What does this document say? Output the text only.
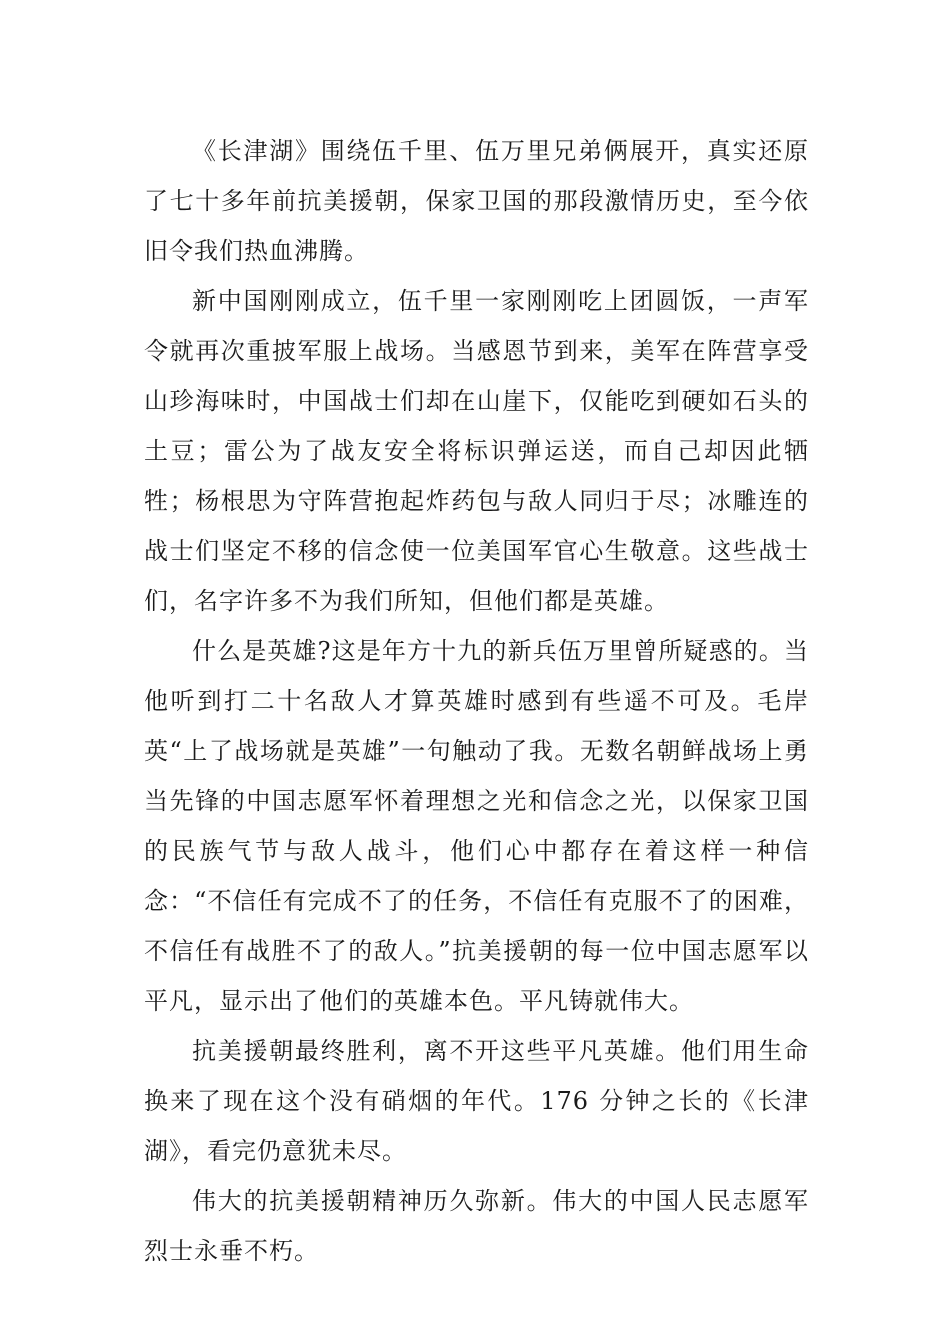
《长津湖》围绕伍千里、伍万里兄弟俩展开，真实还原了七十多年前抗美援朝，保家卫国的那段激情历史，至今依旧令我们热血沸腾。

新中国刚刚成立，伍千里一家刚刚吃上团圆饭，一声军令就再次重披军服上战场。当感恩节到来，美军在阵营享受山珍海味时，中国战士们却在山崖下，仅能吃到硬如石头的土豆；雷公为了战友安全将标识弹运送，而自己却因此牺牲；杨根思为守阵营抱起炸药包与敌人同归于尽；冰雕连的战士们坚定不移的信念使一位美国军官心生敬意。这些战士们，名字许多不为我们所知，但他们都是英雄。

什么是英雄?这是年方十九的新兵伍万里曾所疑惑的。当他听到打二十名敌人才算英雄时感到有些遥不可及。毛岸英“上了战场就是英雄”一句触动了我。无数名朝鲜战场上勇当先锋的中国志愿军怀着理想之光和信念之光，以保家卫国的民族气节与敌人战斗，他们心中都存在着这样一种信念：“不信任有完成不了的任务，不信任有克服不了的困难，不信任有战胜不了的敌人。”抗美援朝的每一位中国志愿军以平凡，显示出了他们的英雄本色。平凡铸就伟大。

抗美援朝最终胜利，离不开这些平凡英雄。他们用生命换来了现在这个没有硝烟的年代。176 分钟之长的《长津湖》，看完仍意犹未尽。

伟大的抗美援朝精神历久弥新。伟大的中国人民志愿军烈士永垂不朽。
